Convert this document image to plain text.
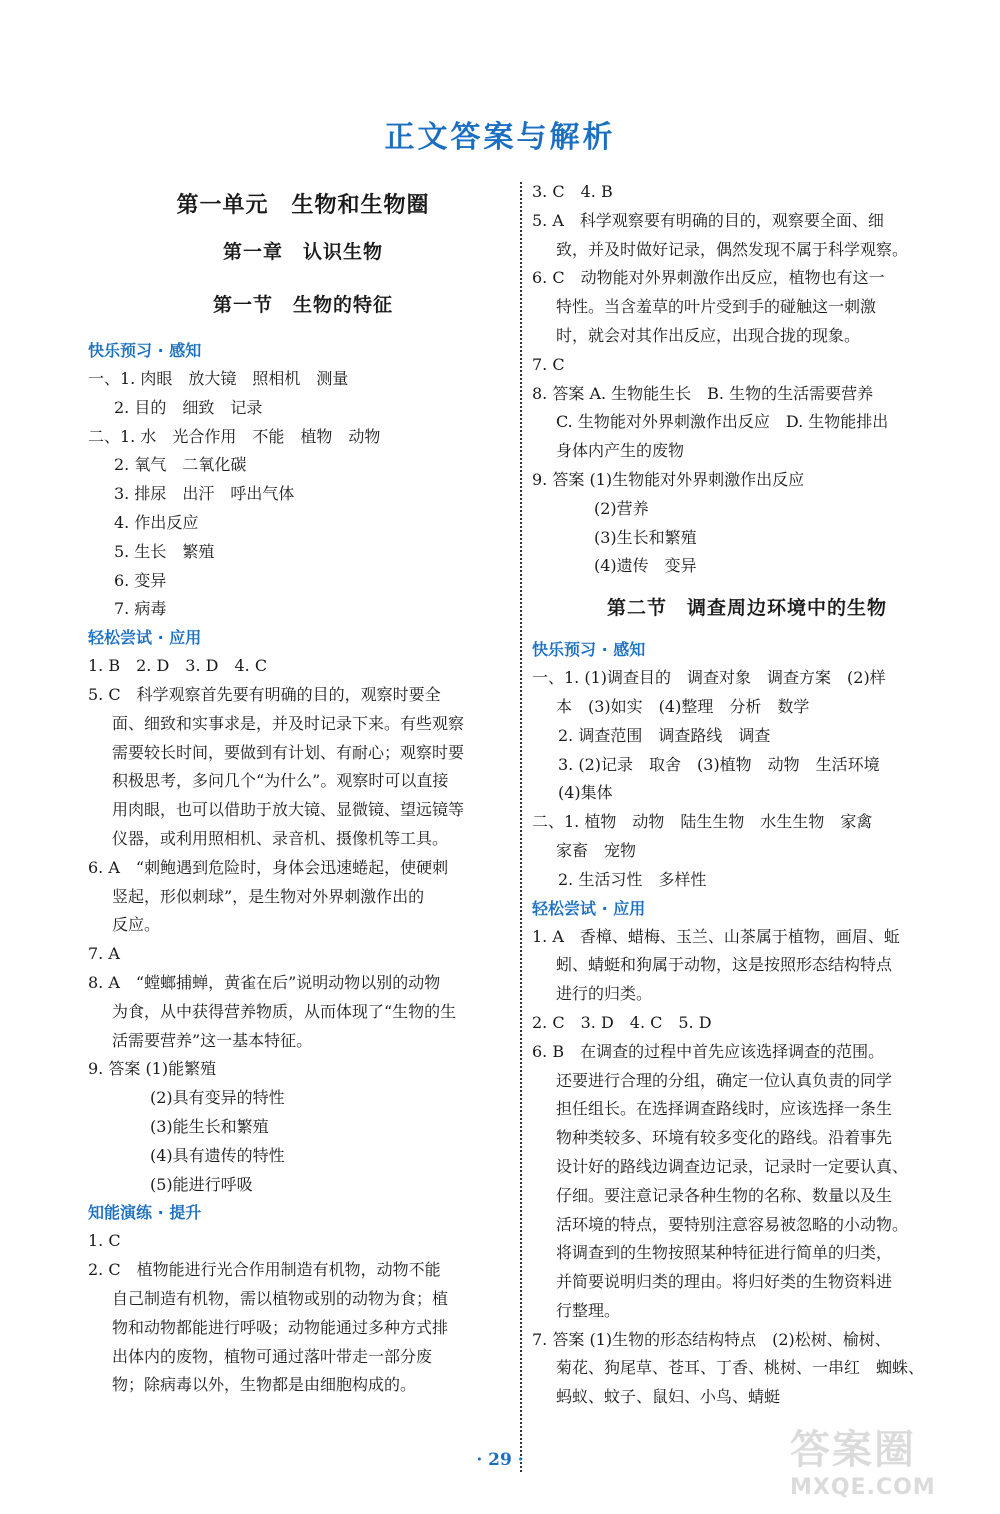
正文答案与解析
第一单元　生物和生物圈
第一章　认识生物
第一节　生物的特征
快乐预习 · 感知

一、1. 肉眼　放大镜　照相机　测量

2. 目的　细致　记录

二、1. 水　光合作用　不能　植物　动物

2. 氧气　二氧化碳

3. 排尿　出汗　呼出气体

4. 作出反应

5. 生长　繁殖

6. 变异

7. 病毒

轻松尝试 · 应用

1. B　2. D　3. D　4. C

5. C　科学观察首先要有明确的目的，观察时要全

面、细致和实事求是，并及时记录下来。有些观察

需要较长时间，要做到有计划、有耐心；观察时要

积极思考，多问几个“为什么”。观察时可以直接

用肉眼，也可以借助于放大镜、显微镜、望远镜等

仪器，或利用照相机、录音机、摄像机等工具。

6. A　“刺鲍遇到危险时，身体会迅速蜷起，使硬刺

竖起，形似刺球”，是生物对外界刺激作出的

反应。

7. A

8. A　“螳螂捕蝉，黄雀在后”说明动物以别的动物

为食，从中获得营养物质，从而体现了“生物的生

活需要营养”这一基本特征。

9. 答案 (1)能繁殖

(2)具有变异的特性

(3)能生长和繁殖

(4)具有遗传的特性

(5)能进行呼吸

知能演练 · 提升

1. C

2. C　植物能进行光合作用制造有机物，动物不能

自己制造有机物，需以植物或别的动物为食；植

物和动物都能进行呼吸；动物能通过多种方式排

出体内的废物，植物可通过落叶带走一部分废

物；除病毒以外，生物都是由细胞构成的。

3. C　4. B

5. A　科学观察要有明确的目的，观察要全面、细

致，并及时做好记录，偶然发现不属于科学观察。

6. C　动物能对外界刺激作出反应，植物也有这一

特性。当含羞草的叶片受到手的碰触这一刺激

时，就会对其作出反应，出现合拢的现象。

7. C

8. 答案 A. 生物能生长　B. 生物的生活需要营养

C. 生物能对外界刺激作出反应　D. 生物能排出

身体内产生的废物

9. 答案 (1)生物能对外界刺激作出反应

(2)营养

(3)生长和繁殖

(4)遗传　变异

第二节　调查周边环境中的生物
快乐预习 · 感知

一、1. (1)调查目的　调查对象　调查方案　(2)样

本　(3)如实　(4)整理　分析　数学

2. 调查范围　调查路线　调查

3. (2)记录　取舍　(3)植物　动物　生活环境

(4)集体

二、1. 植物　动物　陆生生物　水生生物　家禽

家畜　宠物

2. 生活习性　多样性

轻松尝试 · 应用

1. A　香樟、蜡梅、玉兰、山茶属于植物，画眉、蚯

蚓、蜻蜓和狗属于动物，这是按照形态结构特点

进行的归类。

2. C　3. D　4. C　5. D

6. B　在调查的过程中首先应该选择调查的范围。

还要进行合理的分组，确定一位认真负责的同学

担任组长。在选择调查路线时，应该选择一条生

物种类较多、环境有较多变化的路线。沿着事先

设计好的路线边调查边记录，记录时一定要认真、

仔细。要注意记录各种生物的名称、数量以及生

活环境的特点，要特别注意容易被忽略的小动物。

将调查到的生物按照某种特征进行简单的归类，

并简要说明归类的理由。将归好类的生物资料进

行整理。

7. 答案 (1)生物的形态结构特点　(2)松树、榆树、

菊花、狗尾草、苍耳、丁香、桃树、一串红　蜘蛛、

蚂蚁、蚊子、鼠妇、小鸟、蜻蜓

· 29 ·	答案圈
MXQE.COM
